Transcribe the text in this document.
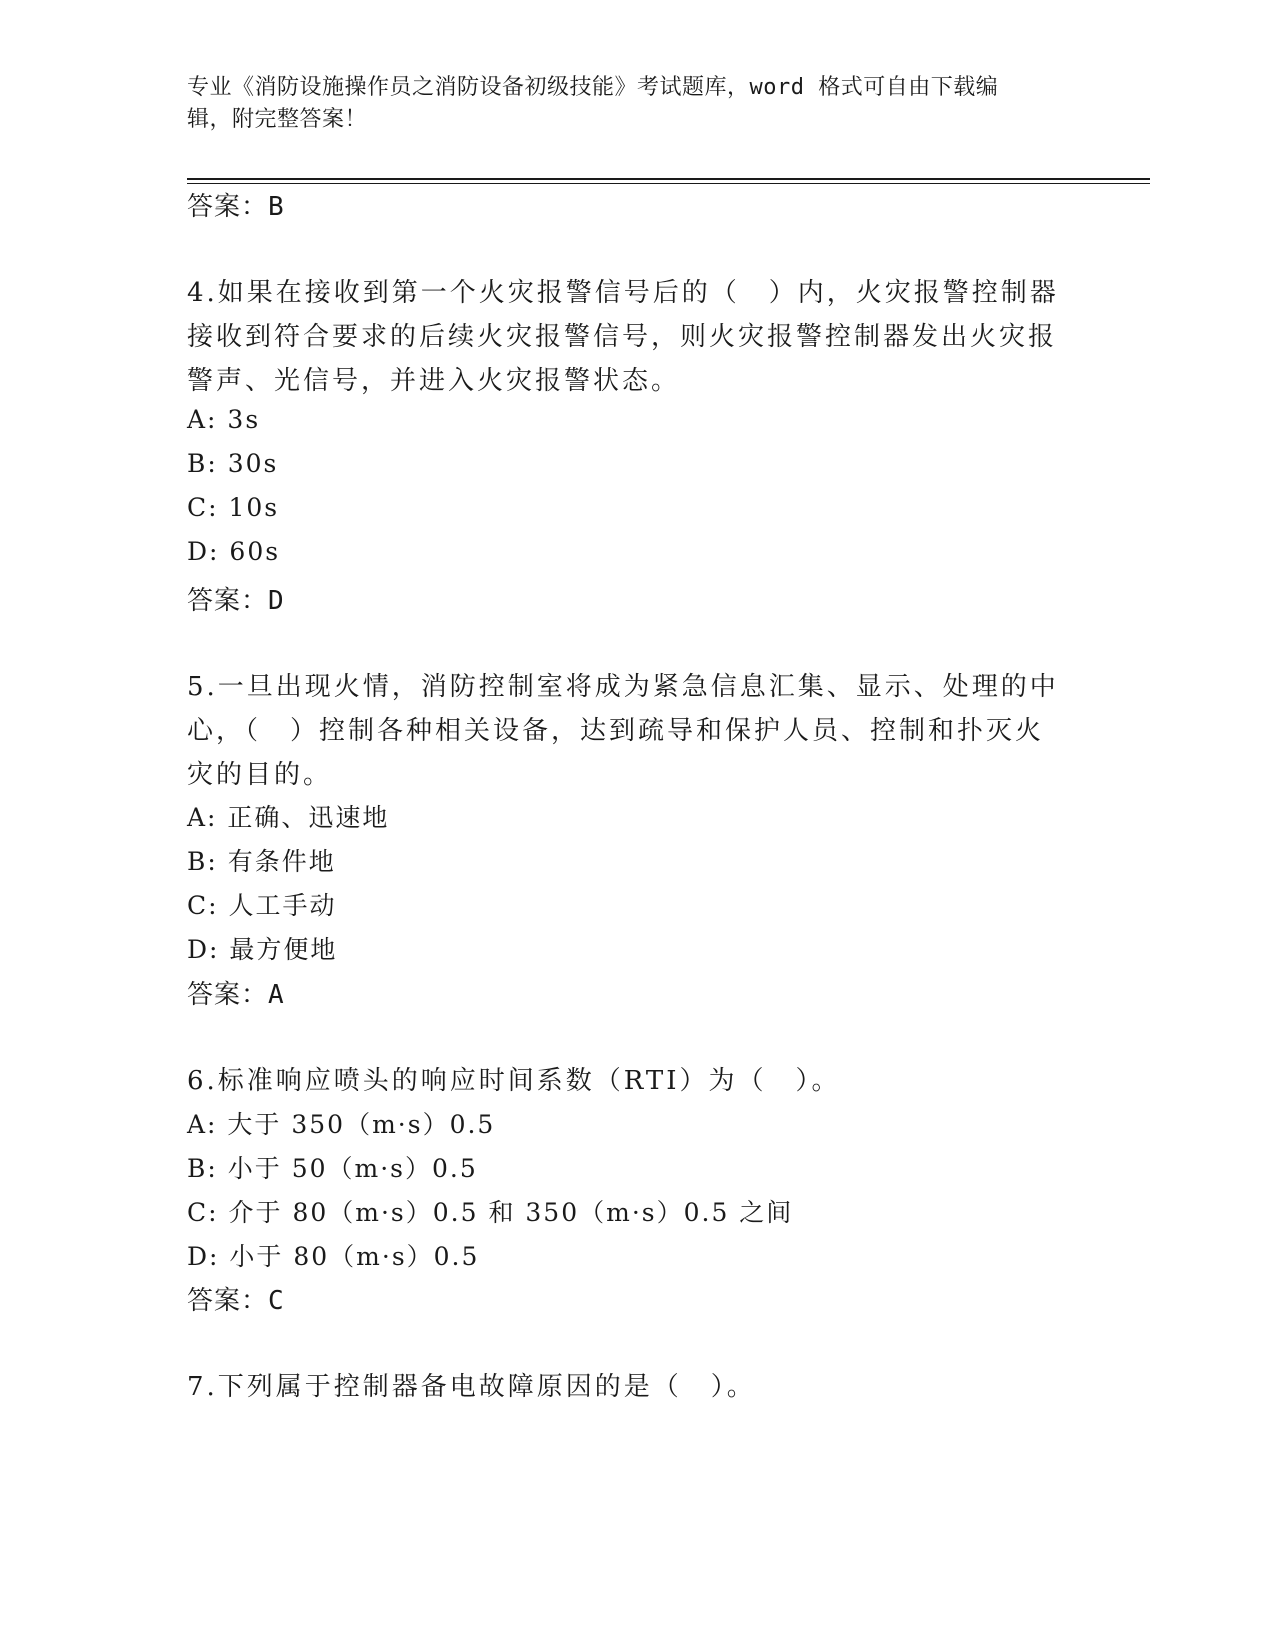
专业《消防设施操作员之消防设备初级技能》考试题库，word 格式可自由下载编
辑，附完整答案！
答案：B
4.如果在接收到第一个火灾报警信号后的（　）内，火灾报警控制器
接收到符合要求的后续火灾报警信号，则火灾报警控制器发出火灾报
警声、光信号，并进入火灾报警状态。
A: 3s
B: 30s
C: 10s
D: 60s
答案：D
5.一旦出现火情，消防控制室将成为紧急信息汇集、显示、处理的中
心，（　）控制各种相关设备，达到疏导和保护人员、控制和扑灭火
灾的目的。
A: 正确、迅速地
B: 有条件地
C: 人工手动
D: 最方便地
答案：A
6.标准响应喷头的响应时间系数（RTI）为（　）。
A: 大于 350（m·s）0.5
B: 小于 50（m·s）0.5
C: 介于 80（m·s）0.5 和 350（m·s）0.5 之间
D: 小于 80（m·s）0.5
答案：C
7.下列属于控制器备电故障原因的是（　）。
